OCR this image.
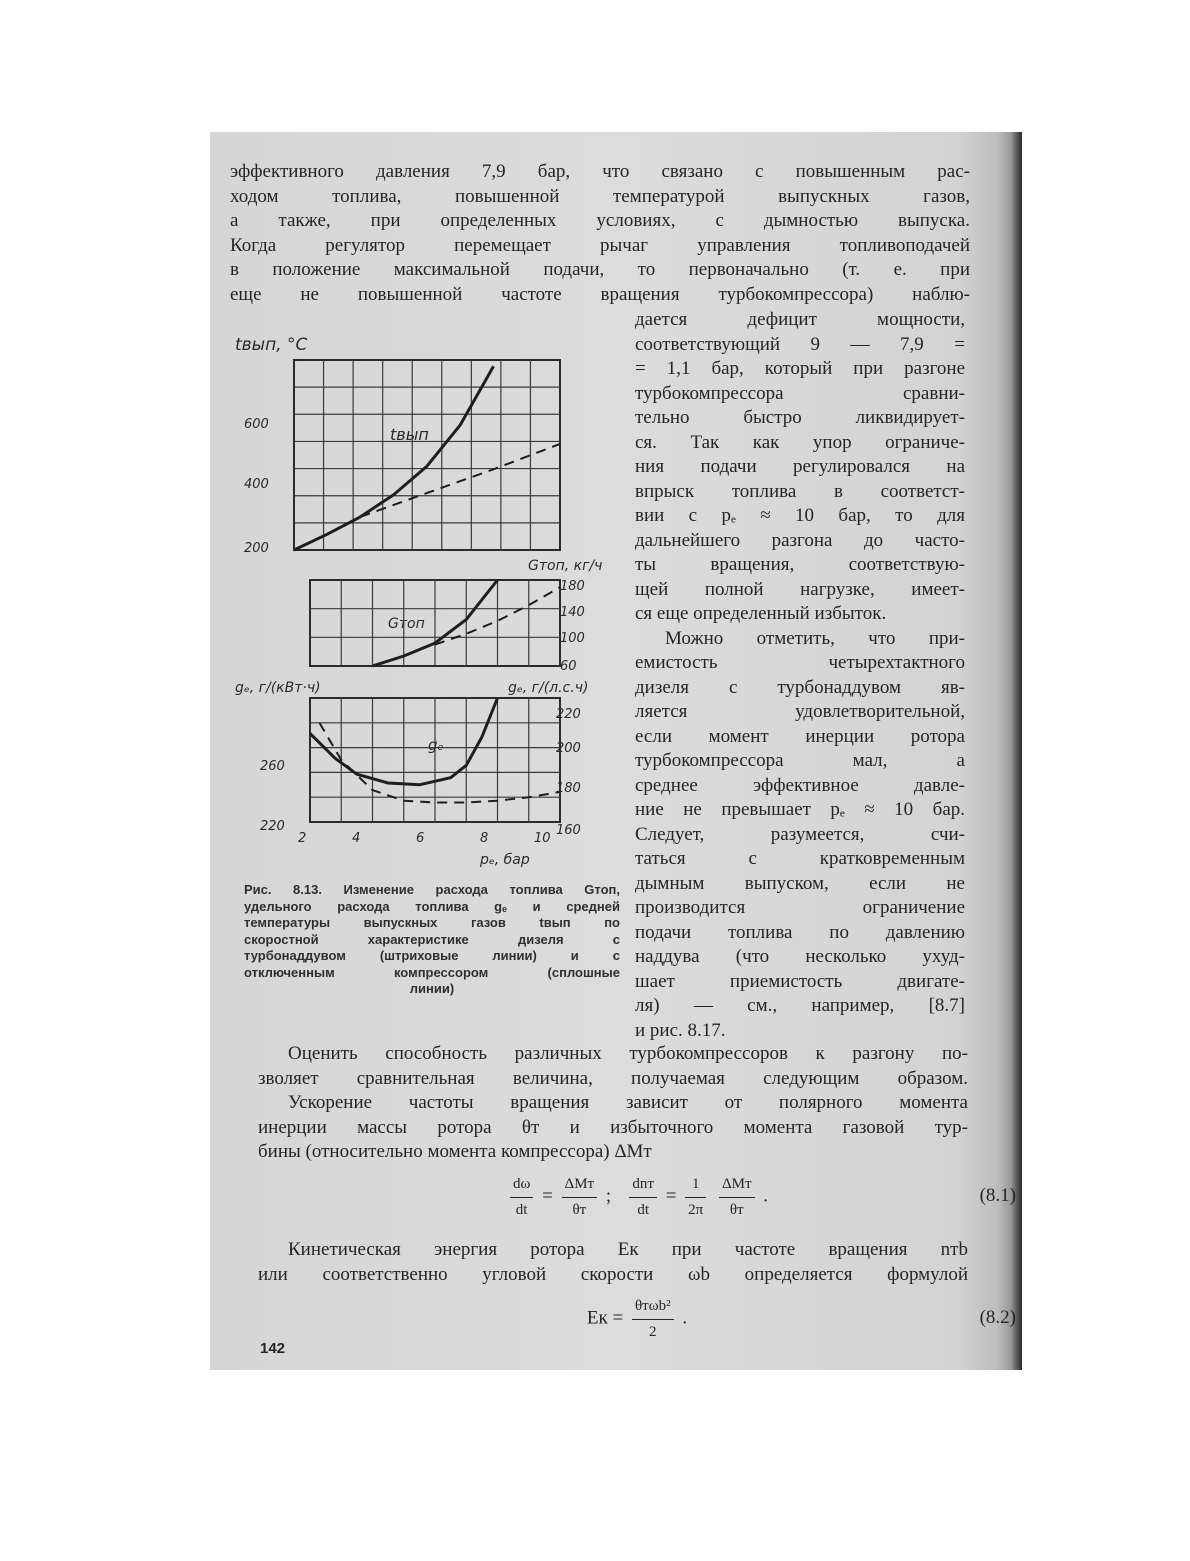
эффективного давления 7,9 бар, что связано с повышенным рас-
ходом топлива, повышенной температурой выпускных газов,
а также, при определенных условиях, с дымностью выпуска.
Когда регулятор перемещает рычаг управления топливоподачей
в положение максимальной подачи, то первоначально (т. е. при
еще не повышенной частоте вращения турбокомпрессора) наблю-
дается дефицит мощности,
соответствующий 9 — 7,9 =
= 1,1 бар, который при разгоне
турбокомпрессора сравни-
тельно быстро ликвидирует-
ся. Так как упор ограниче-
ния подачи регулировался на
впрыск топлива в соответст-
вии с pₑ ≈ 10 бар, то для
дальнейшего разгона до часто-
ты вращения, соответствую-
щей полной нагрузке, имеет-
ся еще определенный избыток.
Можно отметить, что при-
емистость четырехтактного
дизеля с турбонаддувом яв-
ляется удовлетворительной,
если момент инерции ротора
турбокомпрессора мал, а
среднее эффективное давле-
ние не превышает pₑ ≈ 10 бар.
Следует, разумеется, счи-
таться с кратковременным
дымным выпуском, если не
производится ограничение
подачи топлива по давлению
наддува (что несколько ухуд-
шает приемистость двигате-
ля) — см., например, [8.7]
и рис. 8.17.
tвып, °C
tвып
600
400
200
Gтоп, кг/ч
Gтоп
180
140
100
60
gₑ, г/(кВт·ч)	gₑ, г/(л.с.ч)
gₑ
260
220
220
200
180
160
2	4	6	8	10
pₑ, бар
Рис. 8.13. Изменение расхода топлива Gтоп,
удельного расхода топлива gₑ и средней
температуры выпускных газов tвып по
скоростной характеристике дизеля с
турбонаддувом (штриховые линии) и с
отключенным компрессором (сплошные
линии)
Оценить способность различных турбокомпрессоров к разгону по-
зволяет сравнительная величина, получаемая следующим образом.
Ускорение частоты вращения зависит от полярного момента
инерции массы ротора θт и избыточного момента газовой тур-
бины (относительно момента компрессора) ΔMт
$\frac{d\omega}{dt} = \frac{\text{ΔMт}}{\theta т}$ ; $\frac{\text{dnт}}{dt} = \frac{1}{2\pi}$
$\frac{\text{ΔMт}}{\theta т}$ .	(8.1)
Кинетическая энергия ротора Eк при частоте вращения nтb
или соответственно угловой скорости ωb определяется формулой
Eк = $\frac{\text{θтωb²}}{2}$ .	(8.2)
142
